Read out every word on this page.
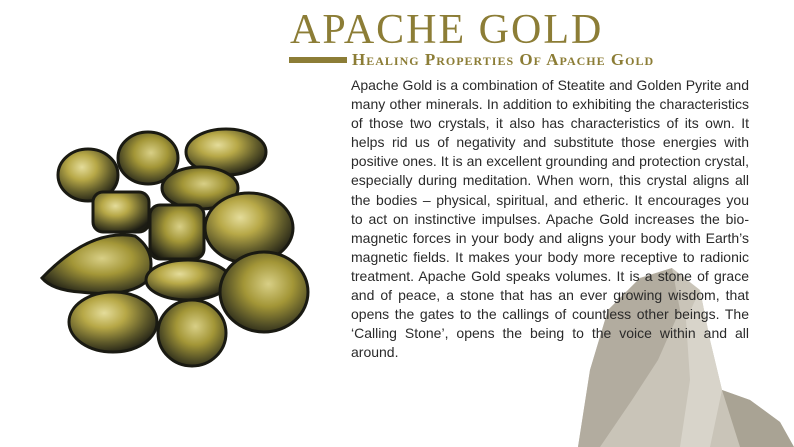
APACHE GOLD
Healing Properties Of Apache Gold

Apache Gold is a combination of Steatite and Golden Pyrite and many other minerals. In addition to exhibiting the characteristics of those two crystals, it also has characteristics of its own. It helps rid us of negativity and substitute those energies with positive ones. It is an excellent grounding and protection crystal, especially during meditation. When worn, this crystal aligns all the bodies – physical, spiritual, and etheric. It encourages you to act on instinctive impulses. Apache Gold increases the bio-magnetic forces in your body and aligns your body with Earth’s magnetic fields. It makes your body more receptive to radionic treatment. Apache Gold speaks volumes. It is a stone of grace and of peace, a stone that has an ever growing wisdom, that opens the gates to the callings of countless other beings. The ‘Calling Stone’, opens the being to the voice within and all around.
